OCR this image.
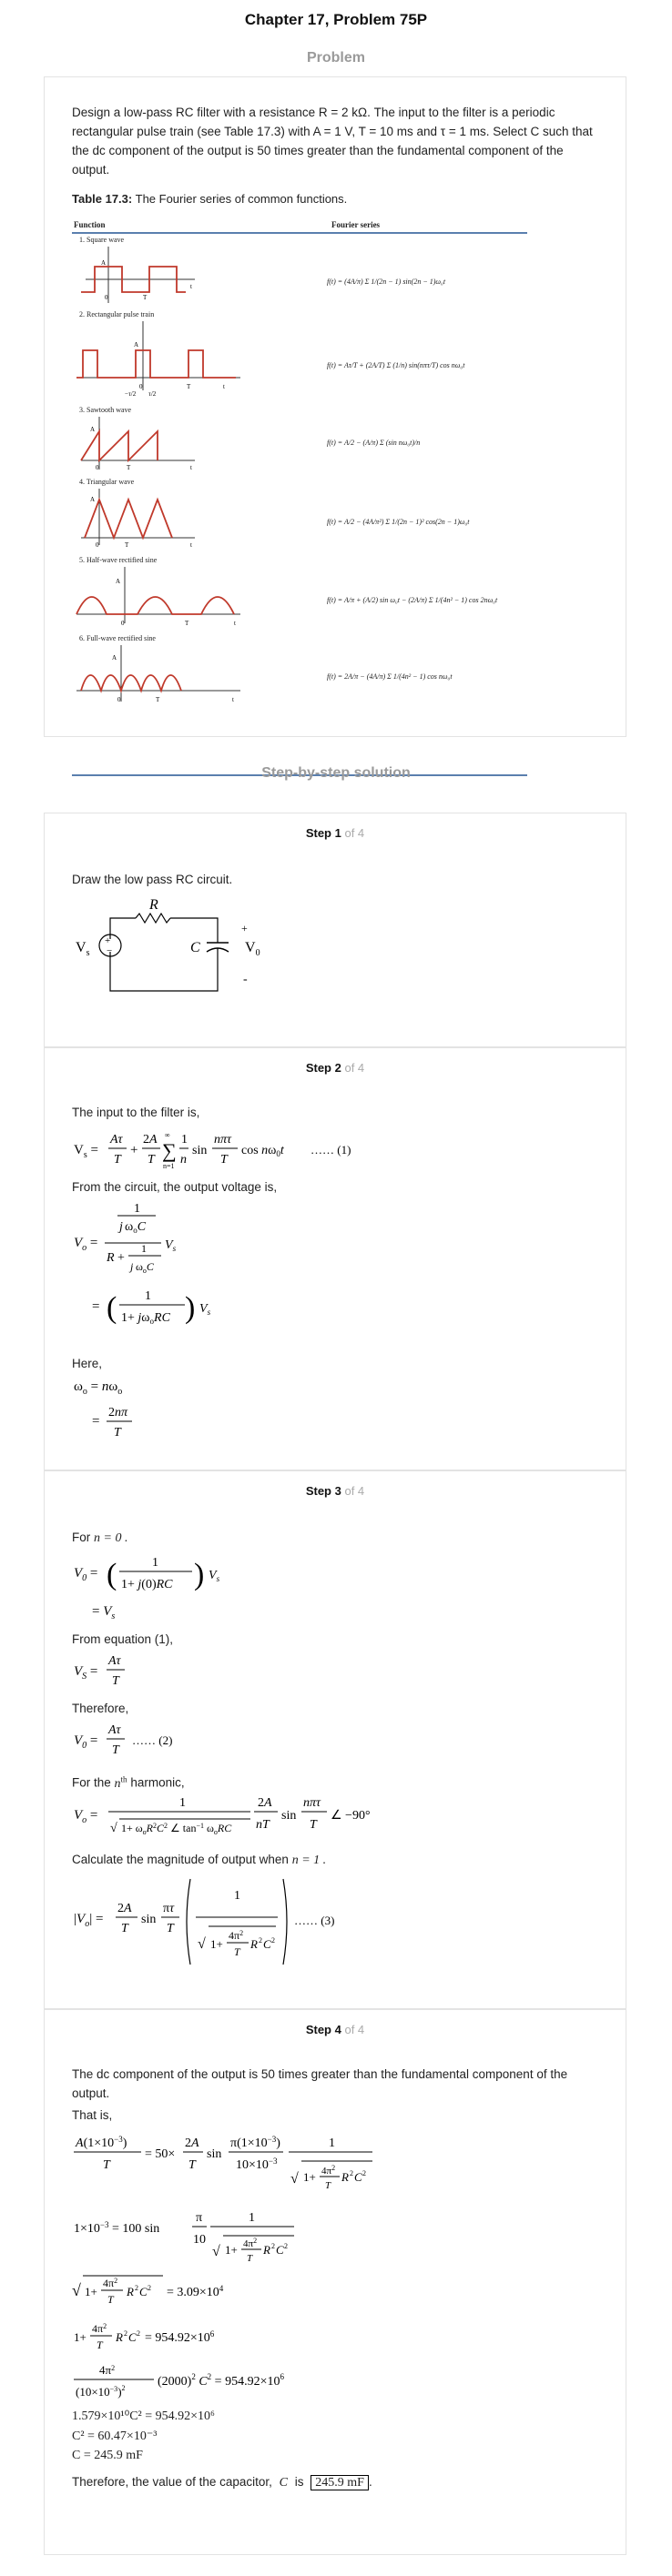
Chapter 17, Problem 75P
Problem
Design a low-pass RC filter with a resistance R = 2 kΩ. The input to the filter is a periodic rectangular pulse train (see Table 17.3) with A = 1 V, T = 10 ms and τ = 1 ms. Select C such that the dc component of the output is 50 times greater than the fundamental component of the output.
Table 17.3: The Fourier series of common functions.
Function	Fourier series
1. Square wave
0	T
t
A
f(t) = (4A/π) Σ 1/(2n − 1) sin(2n − 1)ω₀t
2. Rectangular pulse train
0	T	t
A
−τ/2 τ/2
f(t) = Aτ/T + (2A/T) Σ (1/n) sin(nπτ/T) cos nω₀t
3. Sawtooth wave
0	T	t
A
f(t) = A/2 − (A/π) Σ (sin nω₀t)/n
4. Triangular wave
0	T	t
A
f(t) = A/2 − (4A/π²) Σ 1/(2n − 1)² cos(2n − 1)ω₀t
5. Half-wave rectified sine
0	T	t
A
f(t) = A/π + (A/2) sin ω₀t − (2A/π) Σ 1/(4n² − 1) cos 2nω₀t
6. Full-wave rectified sine
0	T	t
A
f(t) = 2A/π − (4A/π) Σ 1/(4n² − 1) cos nω₀t
Step-by-step solution
Step 1 of 4
Draw the low pass RC circuit.
+
−
R
C
$V_s$	$V_0$
+
-
Step 2 of 4
The input to the filter is,
$V_s$ =
Aτ
T
+
2A
T ∑
∞
n=1
1
n
sin
nπτ
T
$\cos n\omega_0t$ …… (1)
From the circuit, the output voltage is,
$V_o$ =
1
j $\omega_oC$
R +
1
j $\omega_oC$
$V_s$
= ( 1
$1+ j\omega_oRC$ ) $V_s$
Here,
$\omega_o = n\omega_o$
=
2nπ
T
Step 3 of 4
For n = 0 .
$V_0$ = (	1
1+ j(0)RC ) $V_s$
= $V_s$
From equation (1),
$V_S$ =
Aτ
T
Therefore,
$V_0$ =
Aτ
T
…… (2)
For the $n^{th}$ harmonic,
$V_o$ =
1
√ $1+ \omega_oR^2C^2$ ∠ $\tan^{-1} \omega_oRC$
2A
nT
sin
nπτ
T
∠ −90°
Calculate the magnitude of output when n = 1 .
$|V_o|$ =
2A
T
sin
πτ
T
1
√ 1+
$4\pi^2$
T
R 2 C 2
…… (3)
Step 4 of 4
The dc component of the output is 50 times greater than the fundamental component of the output.
That is,
$A(1\times 10^{-3})$
T
= 50×
2A
T
sin
$\pi(1\times 10^{-3})$
$10\times 10^{-3}$
1
√ $1+ 4\pi^2$
T
R 2 C 2
$1\times 10^{-3} = 100$ sin
π
10
1
√ $1+ 4\pi^2$
T
R 2 C 2
√ 1+
$4\pi^2$
T
R 2 C $2 = 3.09\times 10^4$
1+
$4\pi^2$
T
R 2 C $2 = 954.92\times 10^6$
$4\pi^2$
$(10\times 10^{-3})^2$	$(2000)^2$ $C^2 = 954.92\times 10^6$
1.579×10¹⁰C² = 954.92×10⁶
C² = 60.47×10⁻³
C = 245.9 mF
Therefore, the value of the capacitor, C is 245.9 mF .
